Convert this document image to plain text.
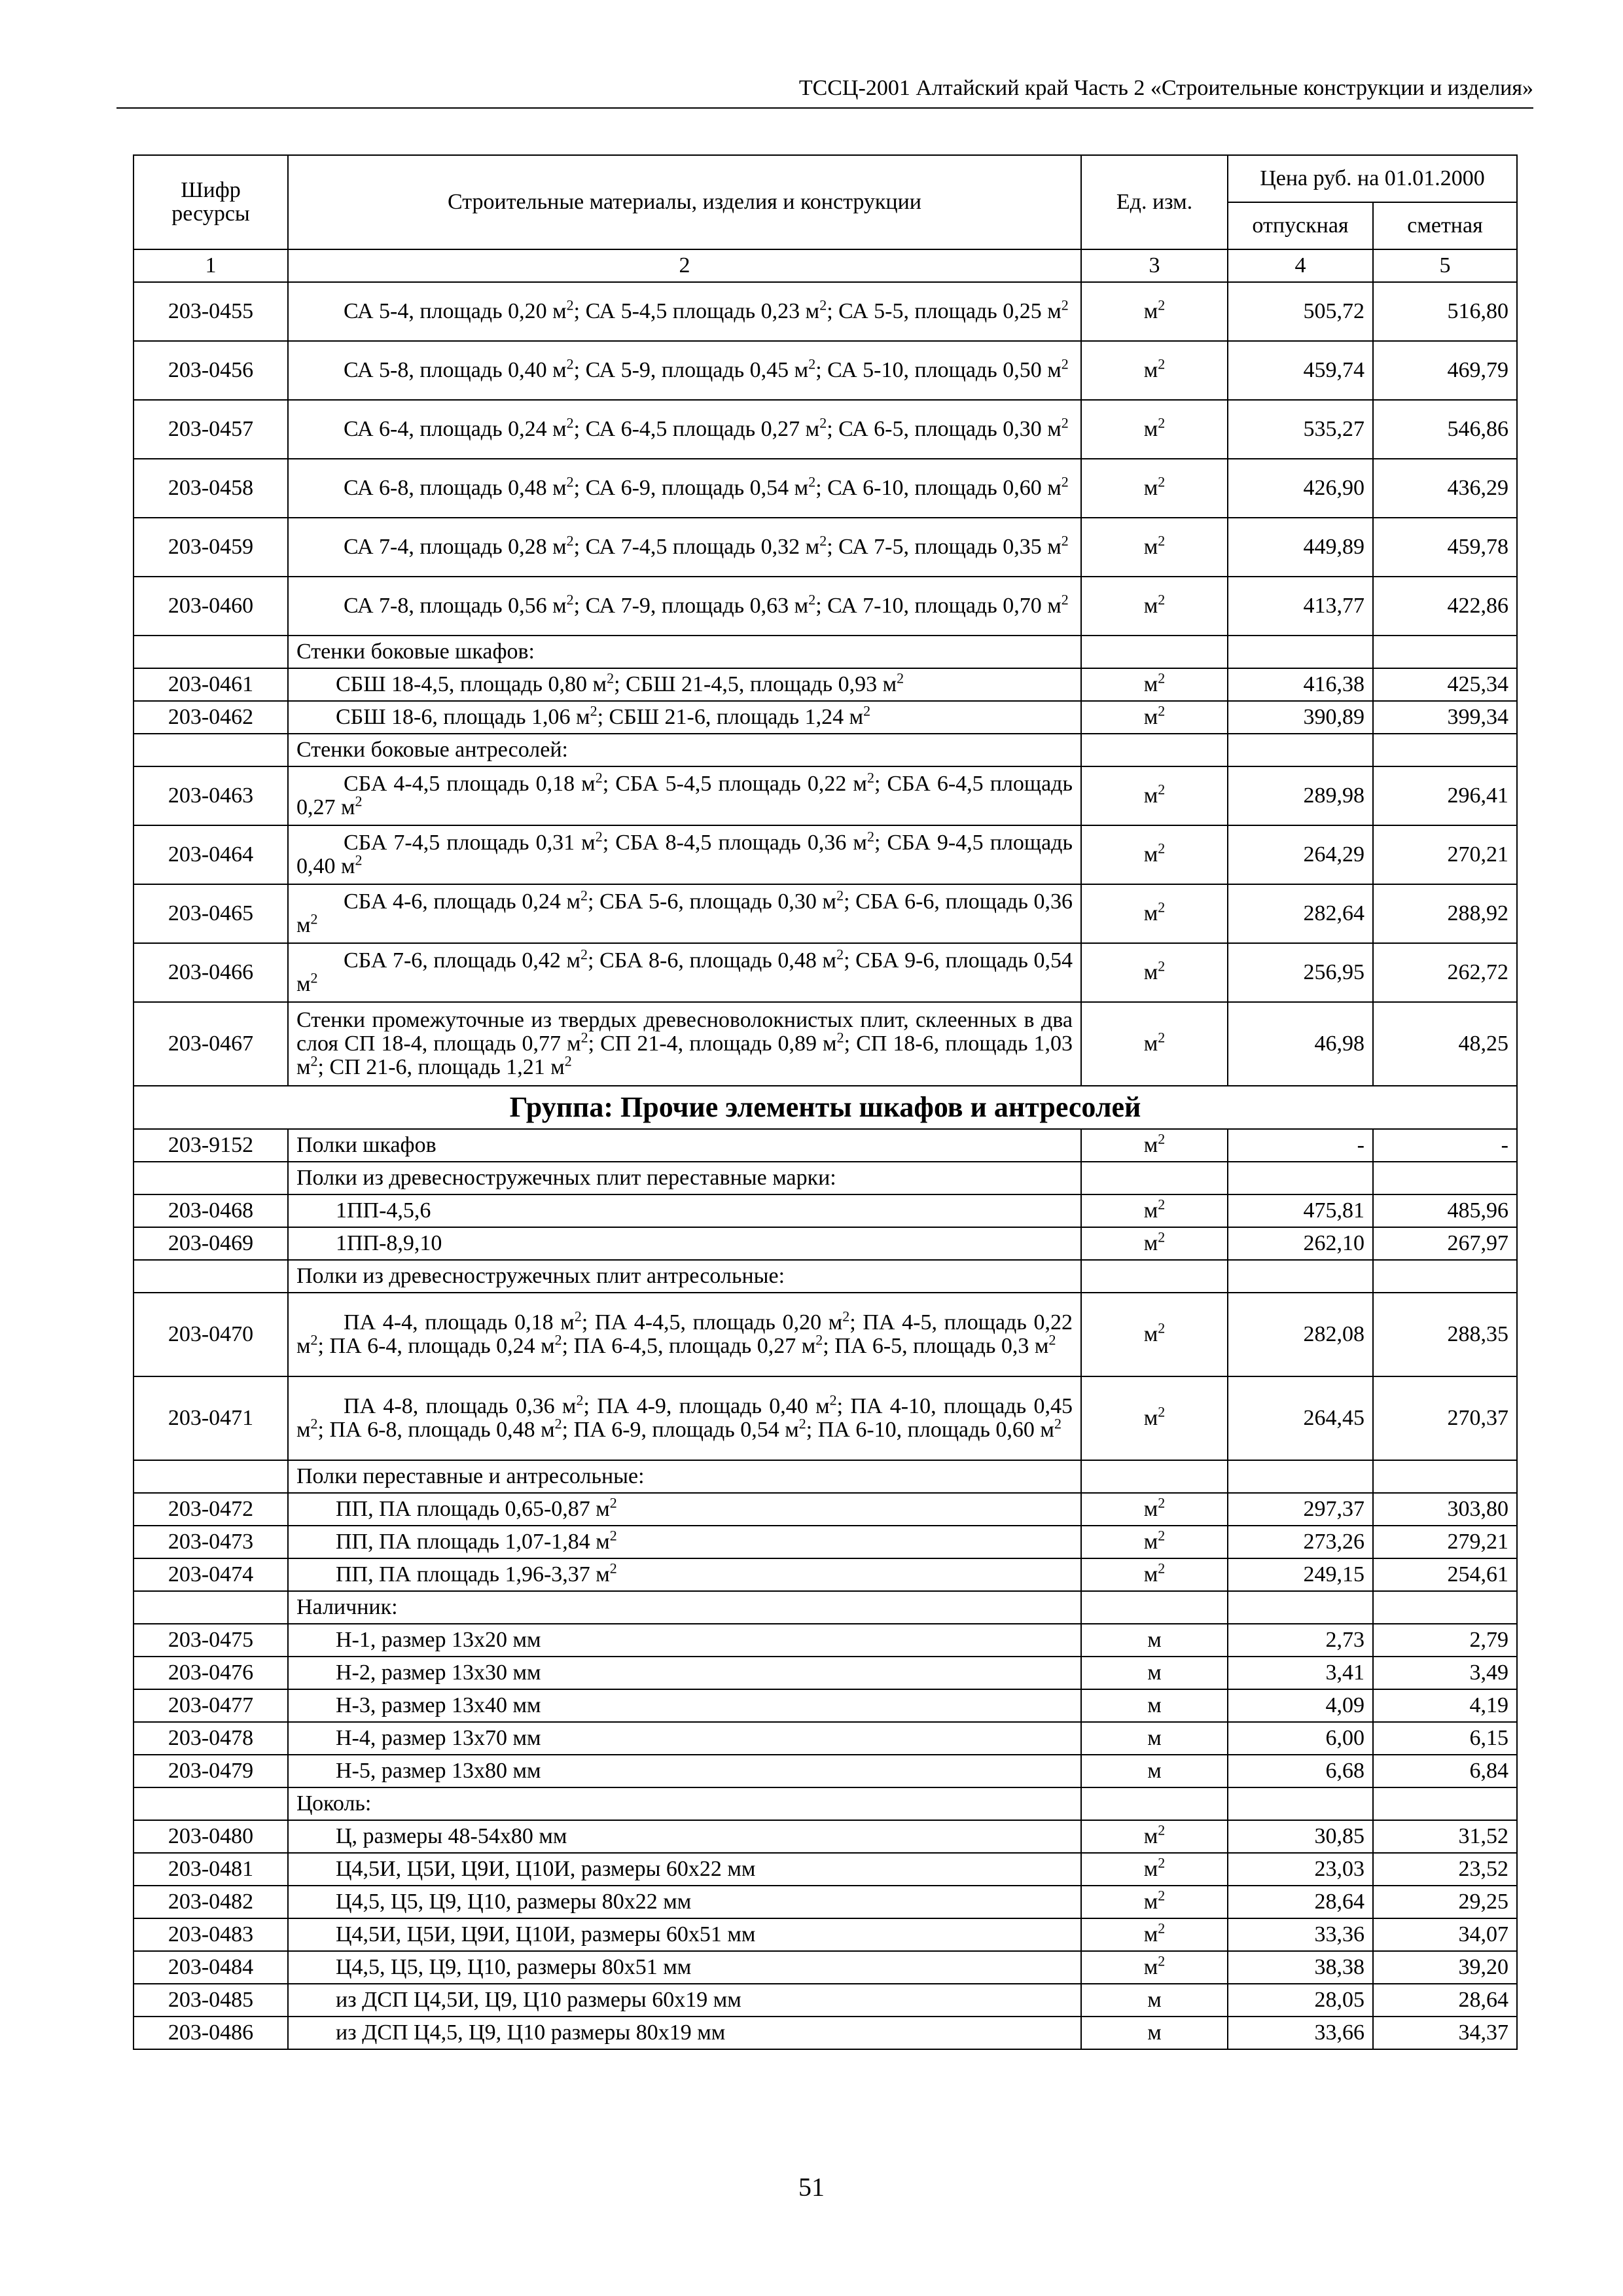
ТССЦ-2001 Алтайский край Часть 2 «Строительные конструкции и изделия»
Шифр ресурсы	Строительные материалы, изделия и конструкции	Ед. изм.	Цена руб. на 01.01.2000	
			отпускная	сметная
1	2	3	4	5
203-0455	СА 5-4, площадь 0,20 $м^2$; СА 5-4,5 площадь 0,23 $м^2$; СА 5-5, площадь 0,25 $м^2$	$м^2$	505,72	516,80
203-0456	СА 5-8, площадь 0,40 $м^2$; СА 5-9, площадь 0,45 $м^2$; СА 5-10, площадь 0,50 $м^2$	$м^2$	459,74	469,79
203-0457	СА 6-4, площадь 0,24 $м^2$; СА 6-4,5 площадь 0,27 $м^2$; СА 6-5, площадь 0,30 $м^2$	$м^2$	535,27	546,86
203-0458	СА 6-8, площадь 0,48 $м^2$; СА 6-9, площадь 0,54 $м^2$; СА 6-10, площадь 0,60 $м^2$	$м^2$	426,90	436,29
203-0459	СА 7-4, площадь 0,28 $м^2$; СА 7-4,5 площадь 0,32 $м^2$; СА 7-5, площадь 0,35 $м^2$	$м^2$	449,89	459,78
203-0460	СА 7-8, площадь 0,56 $м^2$; СА 7-9, площадь 0,63 $м^2$; СА 7-10, площадь 0,70 $м^2$	$м^2$	413,77	422,86
	Стенки боковые шкафов:			
203-0461	СБШ 18-4,5, площадь 0,80 $м^2$; СБШ 21-4,5, площадь 0,93 $м^2$	$м^2$	416,38	425,34
203-0462	СБШ 18-6, площадь 1,06 $м^2$; СБШ 21-6, площадь 1,24 $м^2$	$м^2$	390,89	399,34
	Стенки боковые антресолей:			
203-0463	СБА 4-4,5 площадь 0,18 $м^2$; СБА 5-4,5 площадь 0,22 $м^2$; СБА 6-4,5 площадь 0,27 $м^2$	$м^2$	289,98	296,41
203-0464	СБА 7-4,5 площадь 0,31 $м^2$; СБА 8-4,5 площадь 0,36 $м^2$; СБА 9-4,5 площадь 0,40 $м^2$	$м^2$	264,29	270,21
203-0465	СБА 4-6, площадь 0,24 $м^2$; СБА 5-6, площадь 0,30 $м^2$; СБА 6-6, площадь 0,36 $м^2$	$м^2$	282,64	288,92
203-0466	СБА 7-6, площадь 0,42 $м^2$; СБА 8-6, площадь 0,48 $м^2$; СБА 9-6, площадь 0,54 $м^2$	$м^2$	256,95	262,72
203-0467	Стенки промежуточные из твердых древесноволокнистых плит, склеенных в два слоя СП 18-4, площадь 0,77 $м^2$; СП 21-4, площадь 0,89 $м^2$; СП 18-6, площадь 1,03 $м^2$; СП 21-6, площадь 1,21 $м^2$	$м^2$	46,98	48,25
Группа: Прочие элементы шкафов и антресолей				
203-9152	Полки шкафов	$м^2$	-	-
	Полки из древесностружечных плит переставные марки:			
203-0468	1ПП-4,5,6	$м^2$	475,81	485,96
203-0469	1ПП-8,9,10	$м^2$	262,10	267,97
	Полки из древесностружечных плит антресольные:			
203-0470	ПА 4-4, площадь 0,18 $м^2$; ПА 4-4,5, площадь 0,20 $м^2$; ПА 4-5, площадь 0,22 $м^2$; ПА 6-4, площадь 0,24 $м^2$; ПА 6-4,5, площадь 0,27 $м^2$; ПА 6-5, площадь 0,3 $м^2$	$м^2$	282,08	288,35
203-0471	ПА 4-8, площадь 0,36 $м^2$; ПА 4-9, площадь 0,40 $м^2$; ПА 4-10, площадь 0,45 $м^2$; ПА 6-8, площадь 0,48 $м^2$; ПА 6-9, площадь 0,54 $м^2$; ПА 6-10, площадь 0,60 $м^2$	$м^2$	264,45	270,37
	Полки переставные и антресольные:			
203-0472	ПП, ПА площадь 0,65-0,87 $м^2$	$м^2$	297,37	303,80
203-0473	ПП, ПА площадь 1,07-1,84 $м^2$	$м^2$	273,26	279,21
203-0474	ПП, ПА площадь 1,96-3,37 $м^2$	$м^2$	249,15	254,61
	Наличник:			
203-0475	Н-1, размер 13х20 мм	м	2,73	2,79
203-0476	Н-2, размер 13х30 мм	м	3,41	3,49
203-0477	Н-3, размер 13х40 мм	м	4,09	4,19
203-0478	Н-4, размер 13х70 мм	м	6,00	6,15
203-0479	Н-5, размер 13х80 мм	м	6,68	6,84
	Цоколь:			
203-0480	Ц, размеры 48-54х80 мм	$м^2$	30,85	31,52
203-0481	Ц4,5И, Ц5И, Ц9И, Ц10И, размеры 60х22 мм	$м^2$	23,03	23,52
203-0482	Ц4,5, Ц5, Ц9, Ц10, размеры 80х22 мм	$м^2$	28,64	29,25
203-0483	Ц4,5И, Ц5И, Ц9И, Ц10И, размеры 60х51 мм	$м^2$	33,36	34,07
203-0484	Ц4,5, Ц5, Ц9, Ц10, размеры 80х51 мм	$м^2$	38,38	39,20
203-0485	из ДСП Ц4,5И, Ц9, Ц10 размеры 60х19 мм	м	28,05	28,64
203-0486	из ДСП Ц4,5, Ц9, Ц10 размеры 80х19 мм	м	33,66	34,37
51
